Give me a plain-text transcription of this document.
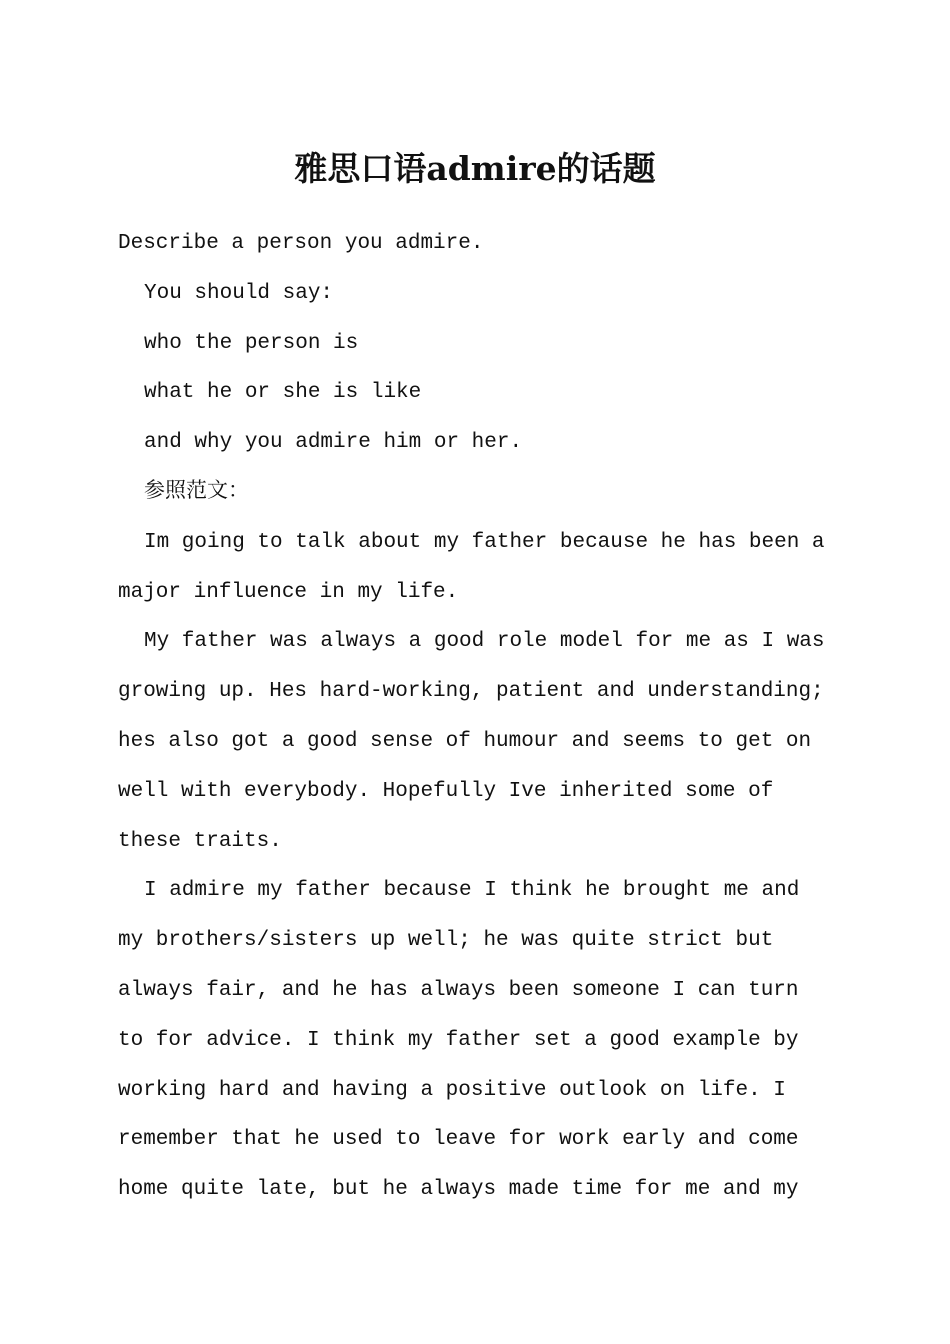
雅思口语admire的话题

Describe a person you admire.

You should say:

who the person is

what he or she is like

and why you admire him or her.

参照范文：

Im going to talk about my father because he has been a major influence in my life.

My father was always a good role model for me as I was growing up. Hes hard-working, patient and understanding; hes also got a good sense of humour and seems to get on well with everybody. Hopefully Ive inherited some of these traits.

I admire my father because I think he brought me and my brothers/sisters up well; he was quite strict but always fair, and he has always been someone I can turn to for advice. I think my father set a good example by working hard and having a positive outlook on life. I remember that he used to leave for work early and come home quite late, but he always made time for me and my
